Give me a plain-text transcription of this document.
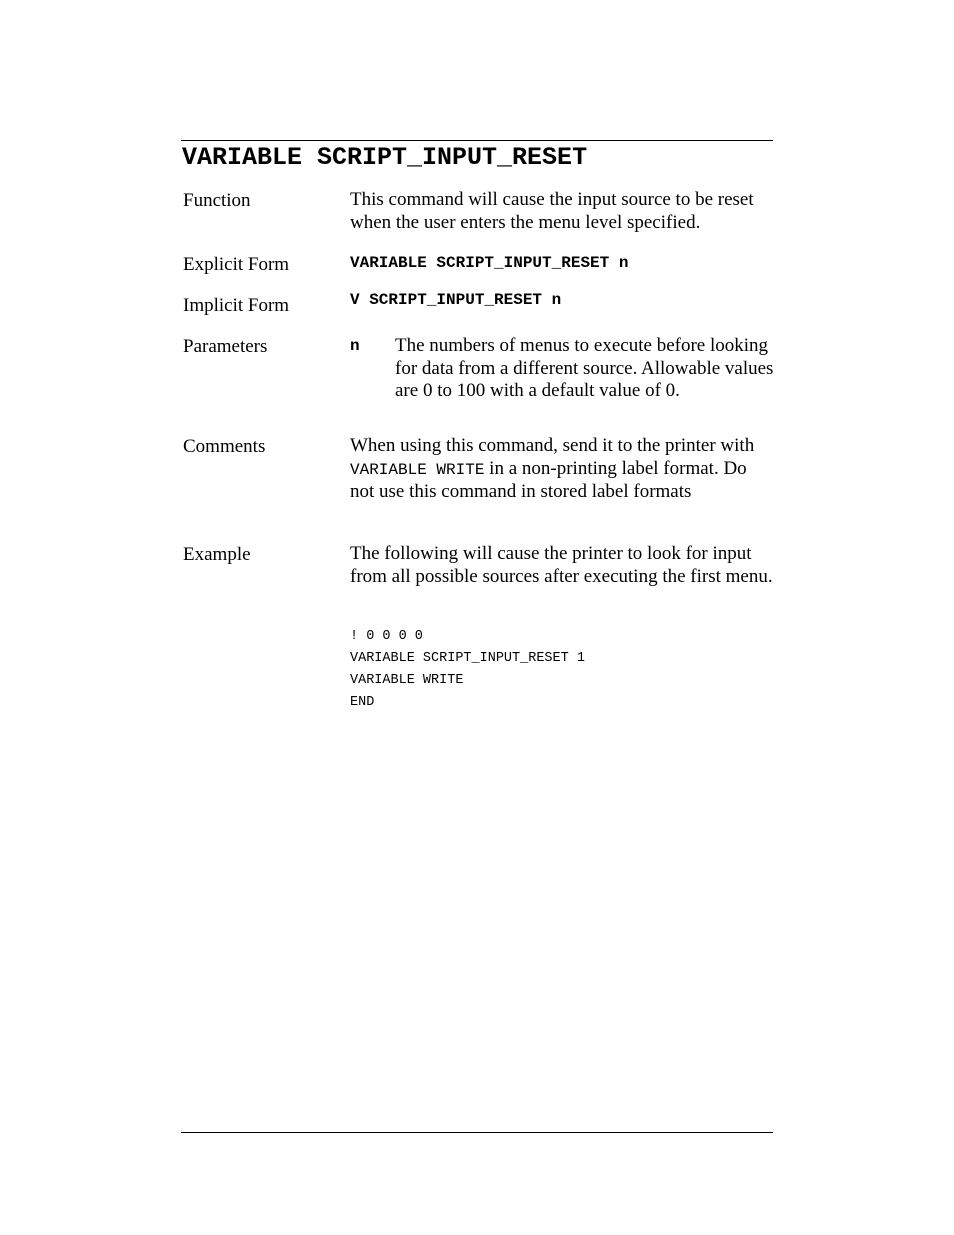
VARIABLE SCRIPT_INPUT_RESET
Function	This command will cause the input source to be reset when the user enters the menu level specified.
Explicit Form	VARIABLE SCRIPT_INPUT_RESET n
Implicit Form	V SCRIPT_INPUT_RESET n
Parameters	n The numbers of menus to execute before looking for data from a different source. Allowable values are 0 to 100 with a default value of 0.
Comments	When using this command, send it to the printer with VARIABLE WRITE in a non-printing label format. Do not use this command in stored label formats
Example	The following will cause the printer to look for input from all possible sources after executing the first menu.
! 0 0 0 0
VARIABLE SCRIPT_INPUT_RESET 1
VARIABLE WRITE
END
